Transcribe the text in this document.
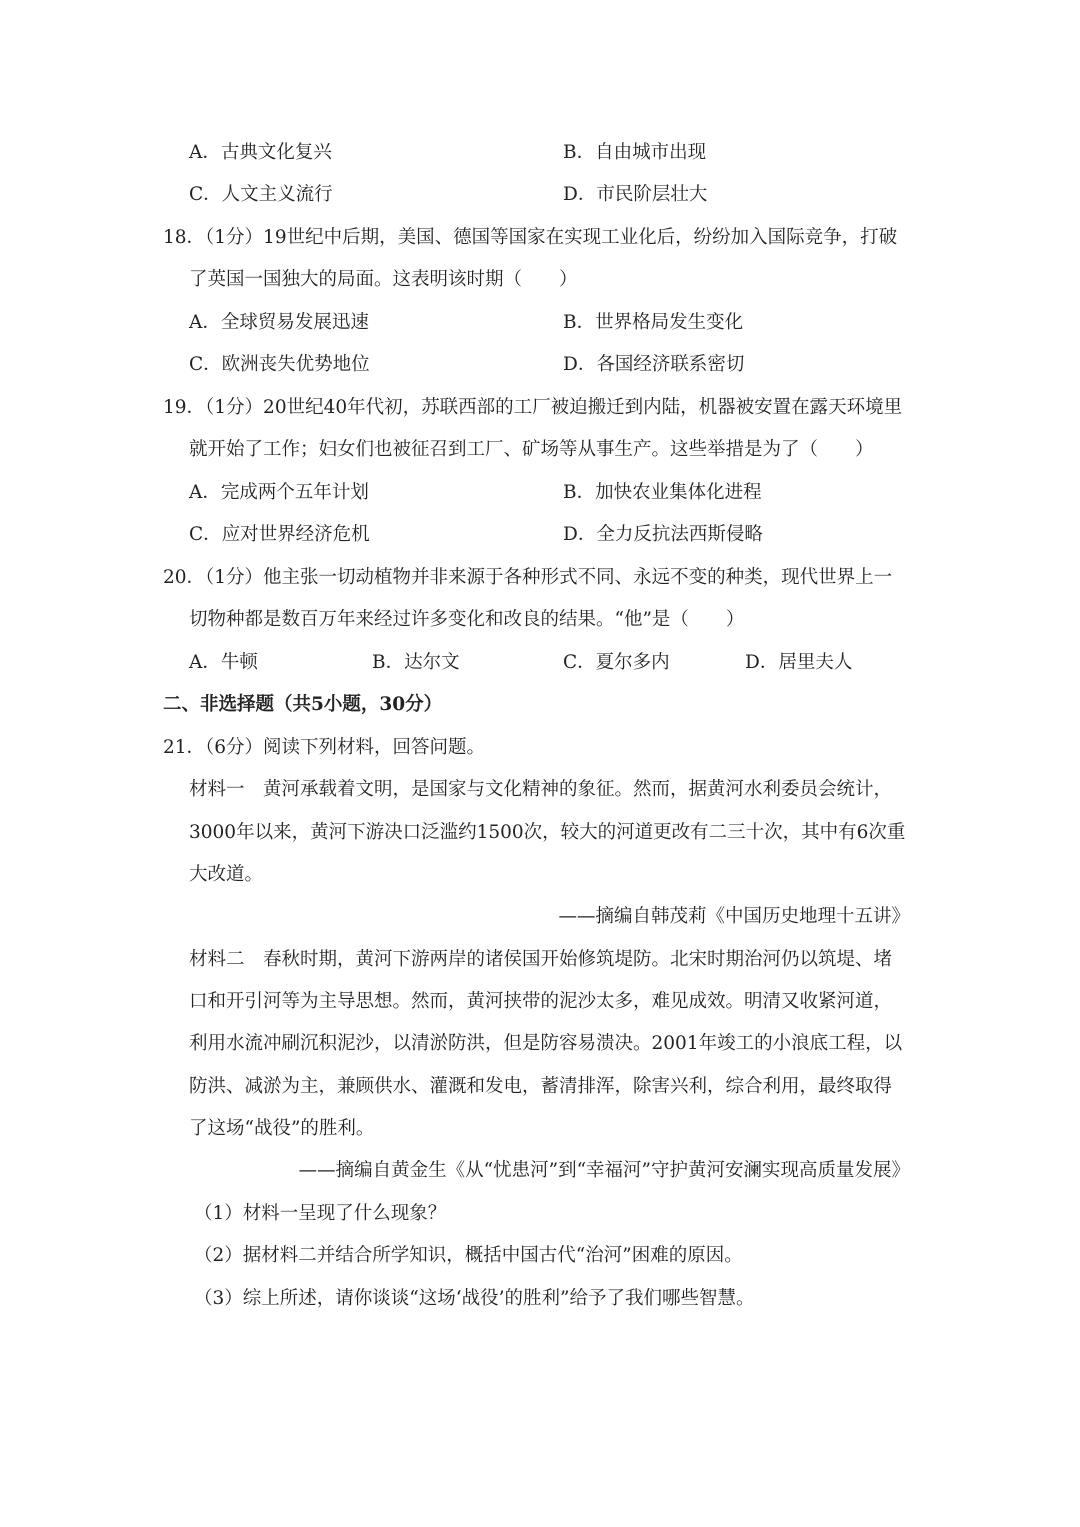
A．古典文化复兴	B．自由城市出现
C．人文主义流行	D．市民阶层壮大
18．（1分）19世纪中后期，美国、德国等国家在实现工业化后，纷纷加入国际竞争，打破
了英国一国独大的局面。这表明该时期（　　）
A．全球贸易发展迅速	B．世界格局发生变化
C．欧洲丧失优势地位	D．各国经济联系密切
19．（1分）20世纪40年代初，苏联西部的工厂被迫搬迁到内陆，机器被安置在露天环境里
就开始了工作；妇女们也被征召到工厂、矿场等从事生产。这些举措是为了（　　）
A．完成两个五年计划	B．加快农业集体化进程
C．应对世界经济危机	D．全力反抗法西斯侵略
20．（1分）他主张一切动植物并非来源于各种形式不同、永远不变的种类，现代世界上一
切物种都是数百万年来经过许多变化和改良的结果。“他”是（　　）
A．牛顿	B．达尔文	C．夏尔多内	D．居里夫人
二、非选择题（共5小题，30分）
21．（6分）阅读下列材料，回答问题。
材料一　黄河承载着文明，是国家与文化精神的象征。然而，据黄河水利委员会统计，
3000年以来，黄河下游决口泛滥约1500次，较大的河道更改有二三十次，其中有6次重
大改道。
——摘编自韩茂莉《中国历史地理十五讲》
材料二　春秋时期，黄河下游两岸的诸侯国开始修筑堤防。北宋时期治河仍以筑堤、堵
口和开引河等为主导思想。然而，黄河挟带的泥沙太多，难见成效。明清又收紧河道，
利用水流冲刷沉积泥沙，以清淤防洪，但是防容易溃决。2001年竣工的小浪底工程，以
防洪、减淤为主，兼顾供水、灌溉和发电，蓄清排浑，除害兴利，综合利用，最终取得
了这场“战役”的胜利。
——摘编自黄金生《从“忧患河”到“幸福河”守护黄河安澜实现高质量发展》
（1）材料一呈现了什么现象？
（2）据材料二并结合所学知识，概括中国古代“治河”困难的原因。
（3）综上所述，请你谈谈“这场‘战役’的胜利”给予了我们哪些智慧。
